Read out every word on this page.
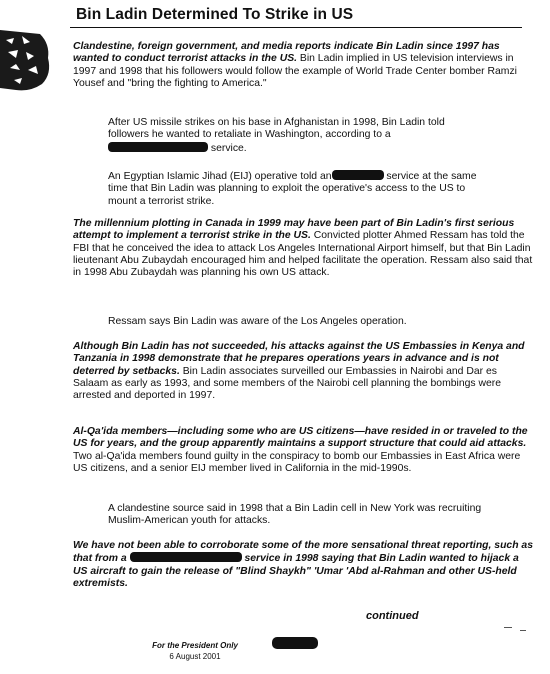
Bin Ladin Determined To Strike in US
Clandestine, foreign government, and media reports indicate Bin Ladin since 1997 has wanted to conduct terrorist attacks in the US. Bin Ladin implied in US television interviews in 1997 and 1998 that his followers would follow the example of World Trade Center bomber Ramzi Yousef and "bring the fighting to America."
After US missile strikes on his base in Afghanistan in 1998, Bin Ladin told followers he wanted to retaliate in Washington, according to a  service.
An Egyptian Islamic Jihad (EIJ) operative told an	service at the same time that Bin Ladin was planning to exploit the operative's access to the US to mount a terrorist strike.
The millennium plotting in Canada in 1999 may have been part of Bin Ladin's first serious attempt to implement a terrorist strike in the US. Convicted plotter Ahmed Ressam has told the FBI that he conceived the idea to attack Los Angeles International Airport himself, but that Bin Ladin lieutenant Abu Zubaydah encouraged him and helped facilitate the operation. Ressam also said that in 1998 Abu Zubaydah was planning his own US attack.
Ressam says Bin Ladin was aware of the Los Angeles operation.
Although Bin Ladin has not succeeded, his attacks against the US Embassies in Kenya and Tanzania in 1998 demonstrate that he prepares operations years in advance and is not deterred by setbacks. Bin Ladin associates surveilled our Embassies in Nairobi and Dar es Salaam as early as 1993, and some members of the Nairobi cell planning the bombings were arrested and deported in 1997.
Al-Qa'ida members—including some who are US citizens—have resided in or traveled to the US for years, and the group apparently maintains a support structure that could aid attacks. Two al-Qa'ida members found guilty in the conspiracy to bomb our Embassies in East Africa were US citizens, and a senior EIJ member lived in California in the mid-1990s.
A clandestine source said in 1998 that a Bin Ladin cell in New York was recruiting Muslim-American youth for attacks.
We have not been able to corroborate some of the more sensational threat reporting, such as that from a	service in 1998 saying that Bin Ladin wanted to hijack a US aircraft to gain the release of "Blind Shaykh" 'Umar 'Abd al-Rahman and other US-held extremists.
continued
For the President Only
6 August 2001
